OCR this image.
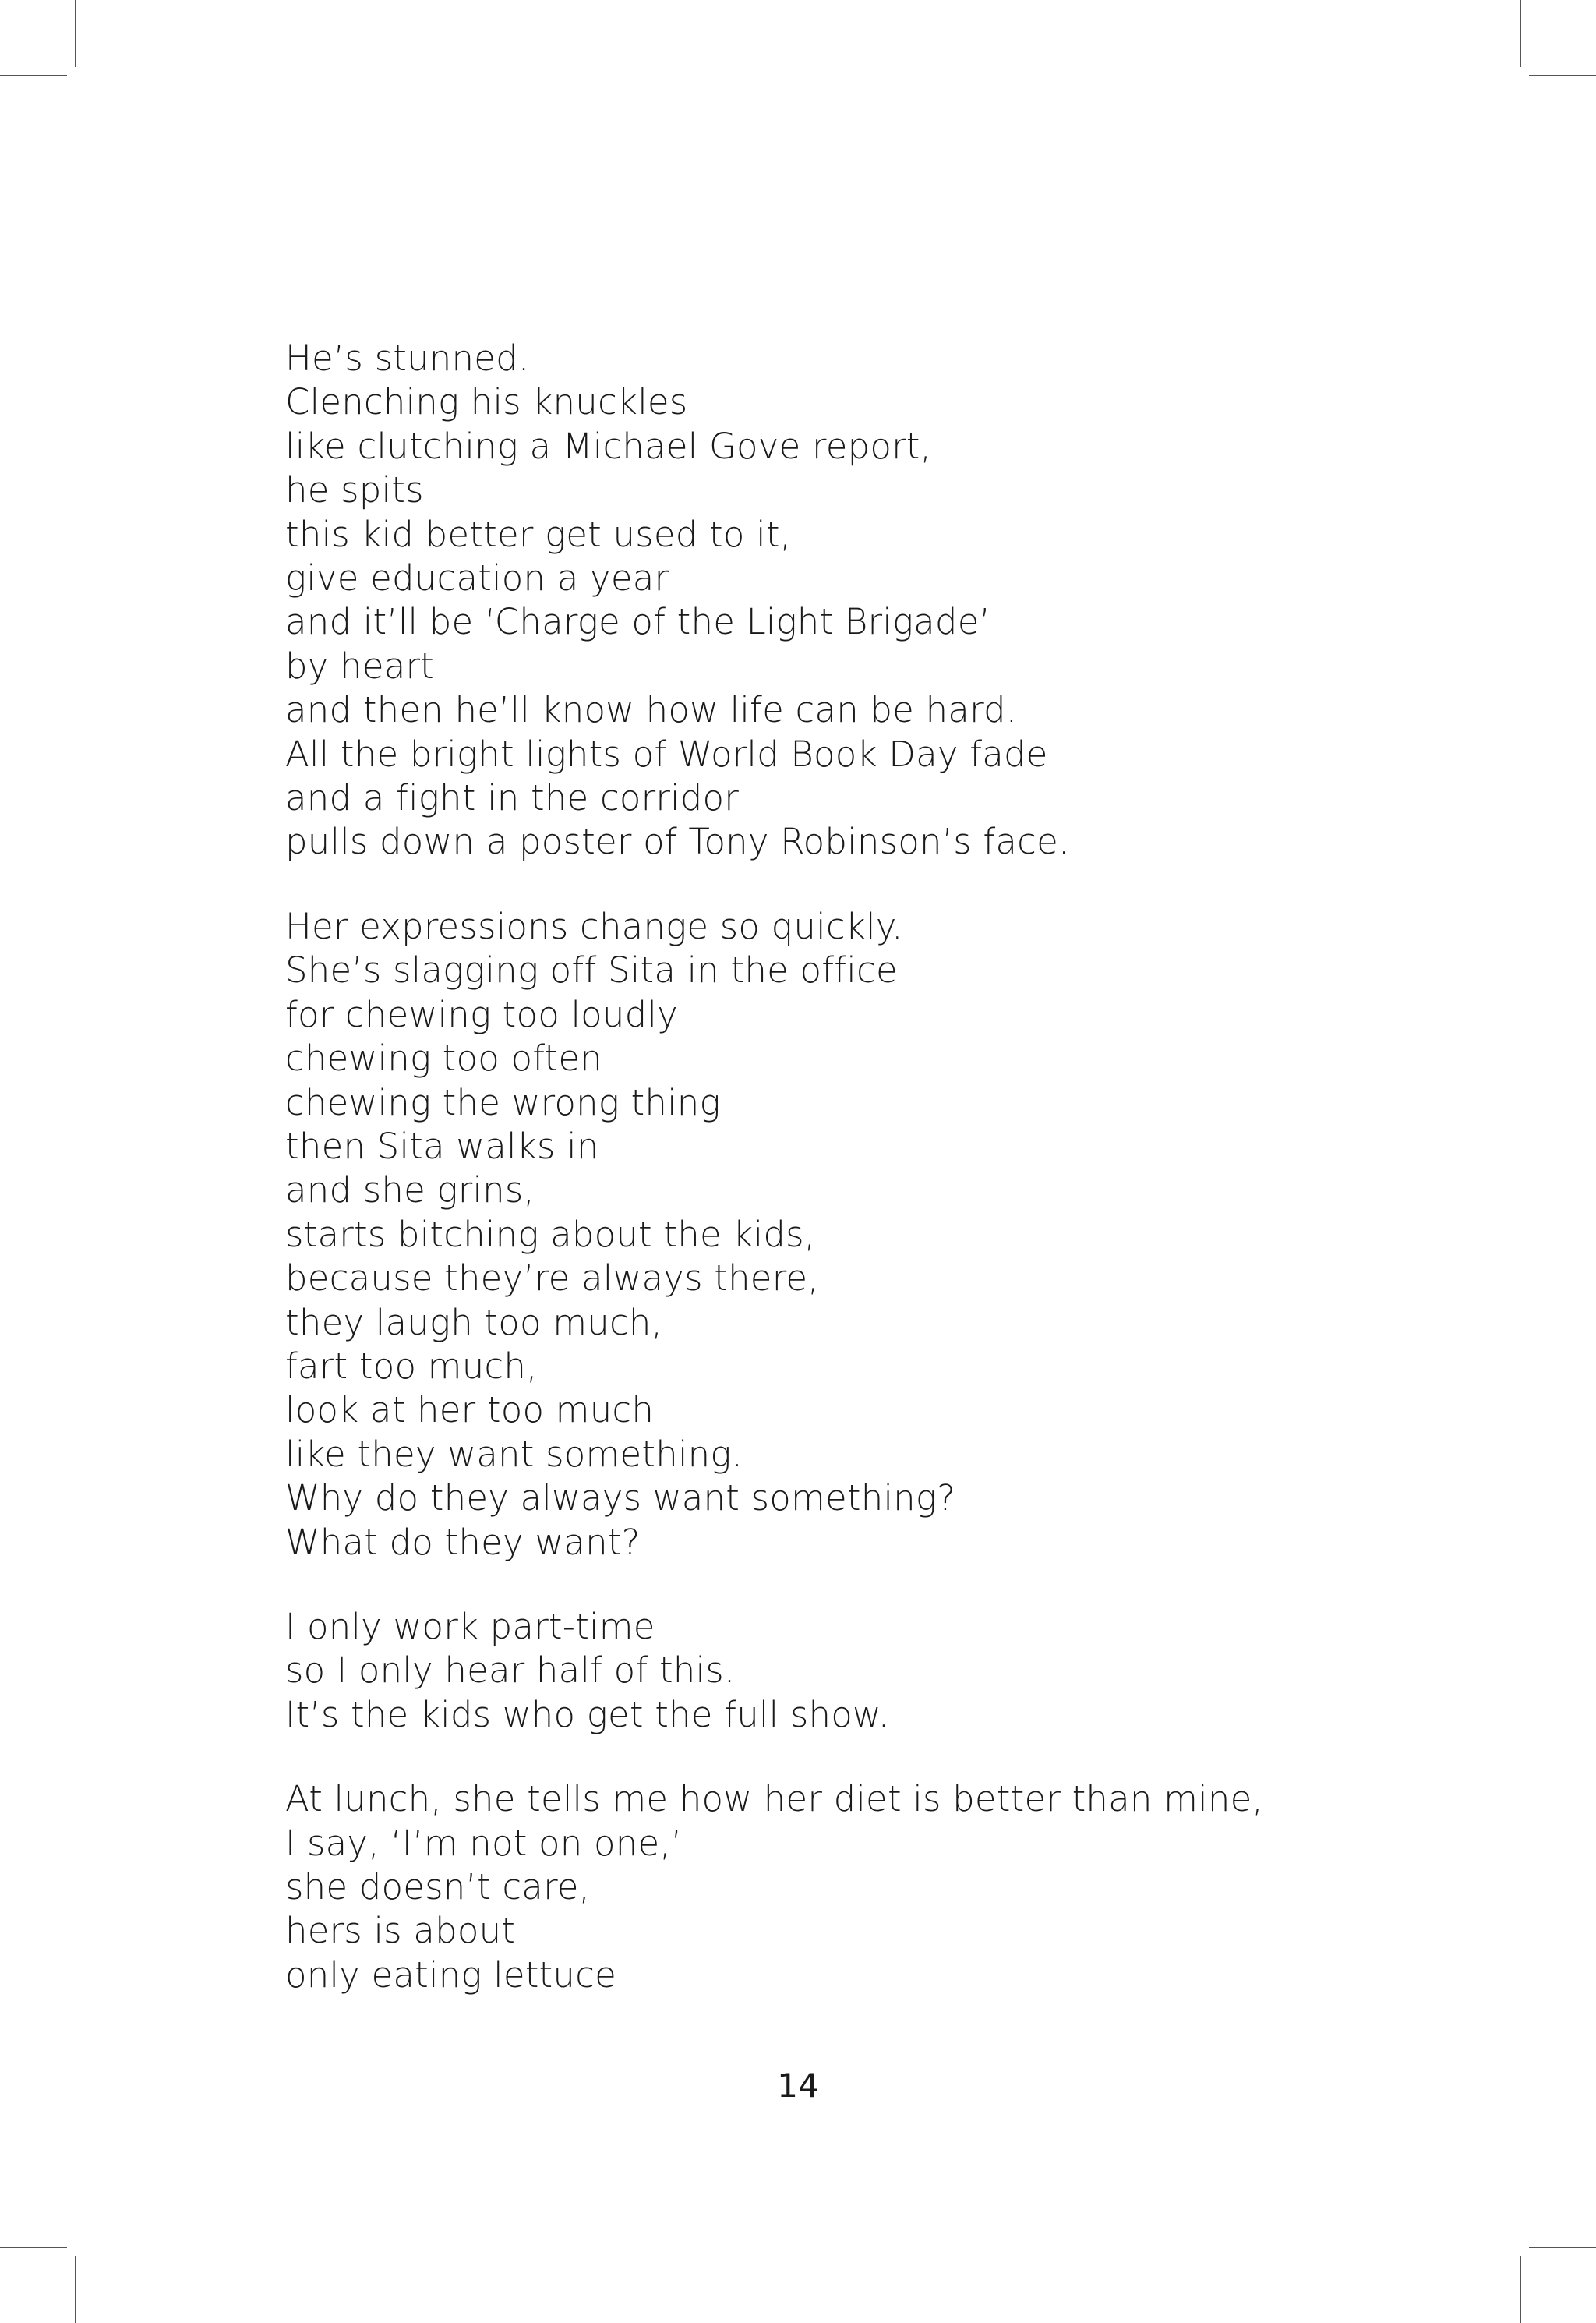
He’s stunned.
Clenching his knuckles
like clutching a Michael Gove report,
he spits
this kid better get used to it,
give education a year
and it’ll be ‘Charge of the Light Brigade’
by heart
and then he’ll know how life can be hard.
All the bright lights of World Book Day fade
and a fight in the corridor
pulls down a poster of Tony Robinson’s face.
Her expressions change so quickly.
She’s slagging off Sita in the office
for chewing too loudly
chewing too often
chewing the wrong thing
then Sita walks in
and she grins,
starts bitching about the kids,
because they’re always there,
they laugh too much,
fart too much,
look at her too much
like they want something.
Why do they always want something?
What do they want?
I only work part-time
so I only hear half of this.
It’s the kids who get the full show.
At lunch, she tells me how her diet is better than mine,
I say, ‘I’m not on one,’
she doesn’t care,
hers is about
only eating lettuce
14
